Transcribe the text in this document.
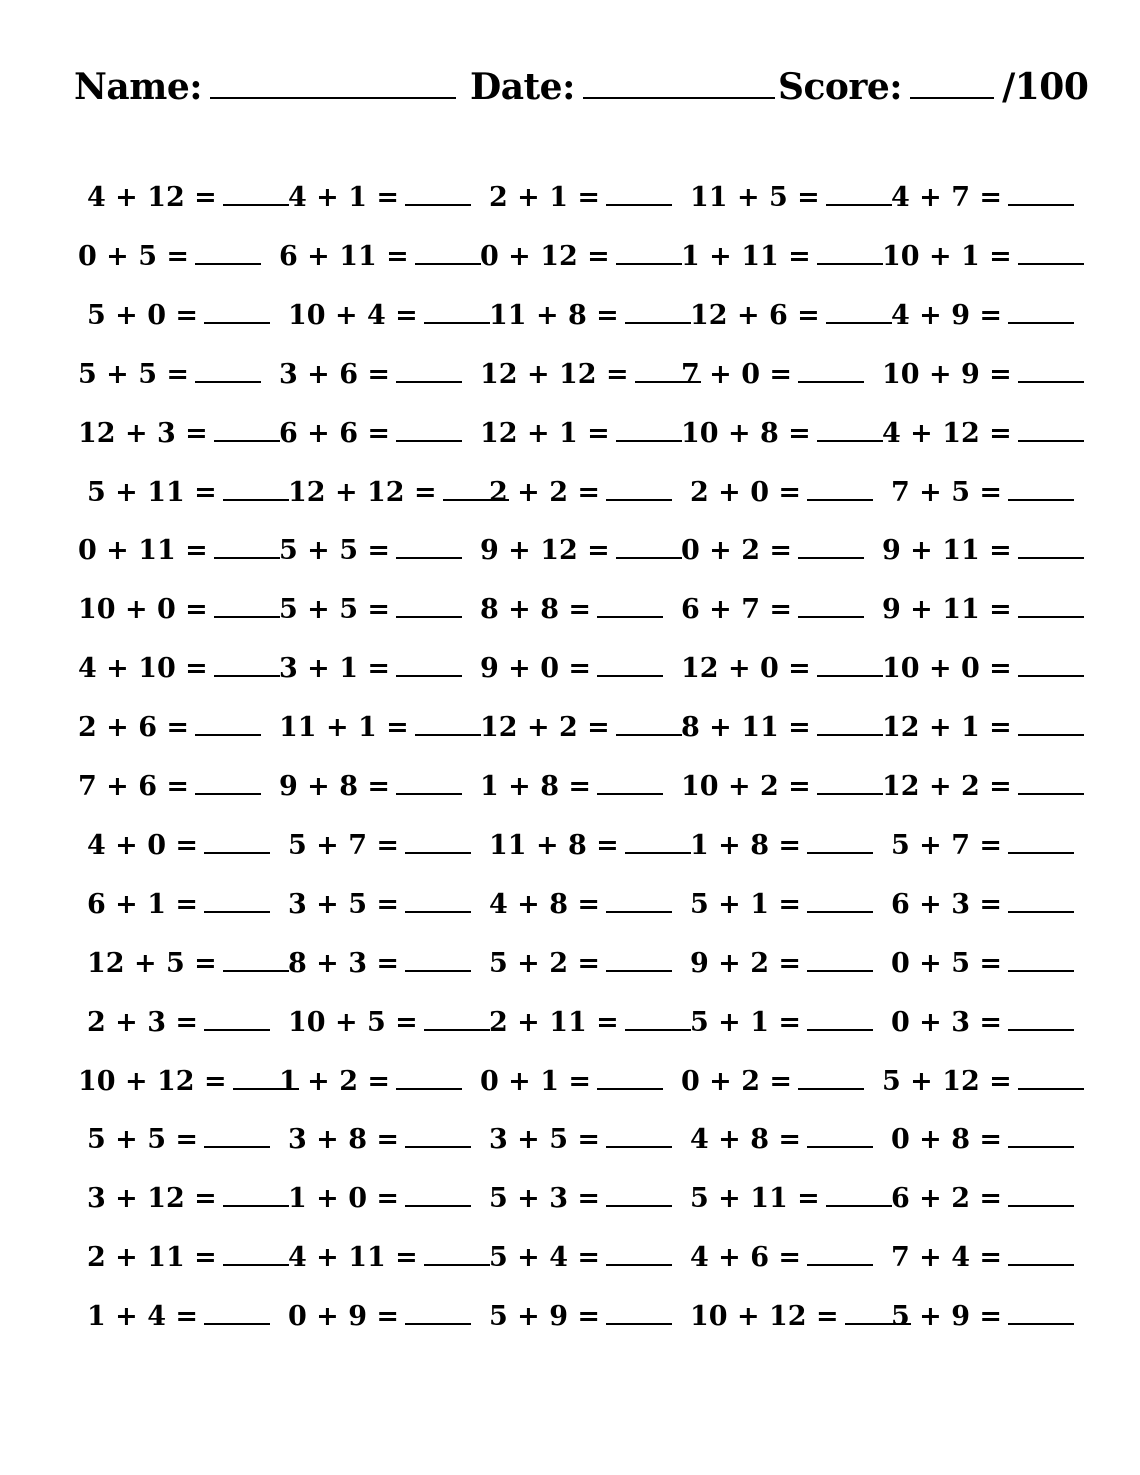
Name:	Date:	Score:	/100
4 + 12 =	4 + 1 =	2 + 1 =	11 + 5 =	4 + 7 =
0 + 5 =	6 + 11 =	0 + 12 =	1 + 11 =	10 + 1 =
5 + 0 =	10 + 4 =	11 + 8 =	12 + 6 =	4 + 9 =
5 + 5 =	3 + 6 =	12 + 12 =	7 + 0 =	10 + 9 =
12 + 3 =	6 + 6 =	12 + 1 =	10 + 8 =	4 + 12 =
5 + 11 =	12 + 12 =	2 + 2 =	2 + 0 =	7 + 5 =
0 + 11 =	5 + 5 =	9 + 12 =	0 + 2 =	9 + 11 =
10 + 0 =	5 + 5 =	8 + 8 =	6 + 7 =	9 + 11 =
4 + 10 =	3 + 1 =	9 + 0 =	12 + 0 =	10 + 0 =
2 + 6 =	11 + 1 =	12 + 2 =	8 + 11 =	12 + 1 =
7 + 6 =	9 + 8 =	1 + 8 =	10 + 2 =	12 + 2 =
4 + 0 =	5 + 7 =	11 + 8 =	1 + 8 =	5 + 7 =
6 + 1 =	3 + 5 =	4 + 8 =	5 + 1 =	6 + 3 =
12 + 5 =	8 + 3 =	5 + 2 =	9 + 2 =	0 + 5 =
2 + 3 =	10 + 5 =	2 + 11 =	5 + 1 =	0 + 3 =
10 + 12 =	1 + 2 =	0 + 1 =	0 + 2 =	5 + 12 =
5 + 5 =	3 + 8 =	3 + 5 =	4 + 8 =	0 + 8 =
3 + 12 =	1 + 0 =	5 + 3 =	5 + 11 =	6 + 2 =
2 + 11 =	4 + 11 =	5 + 4 =	4 + 6 =	7 + 4 =
1 + 4 =	0 + 9 =	5 + 9 =	10 + 12 =	5 + 9 =
